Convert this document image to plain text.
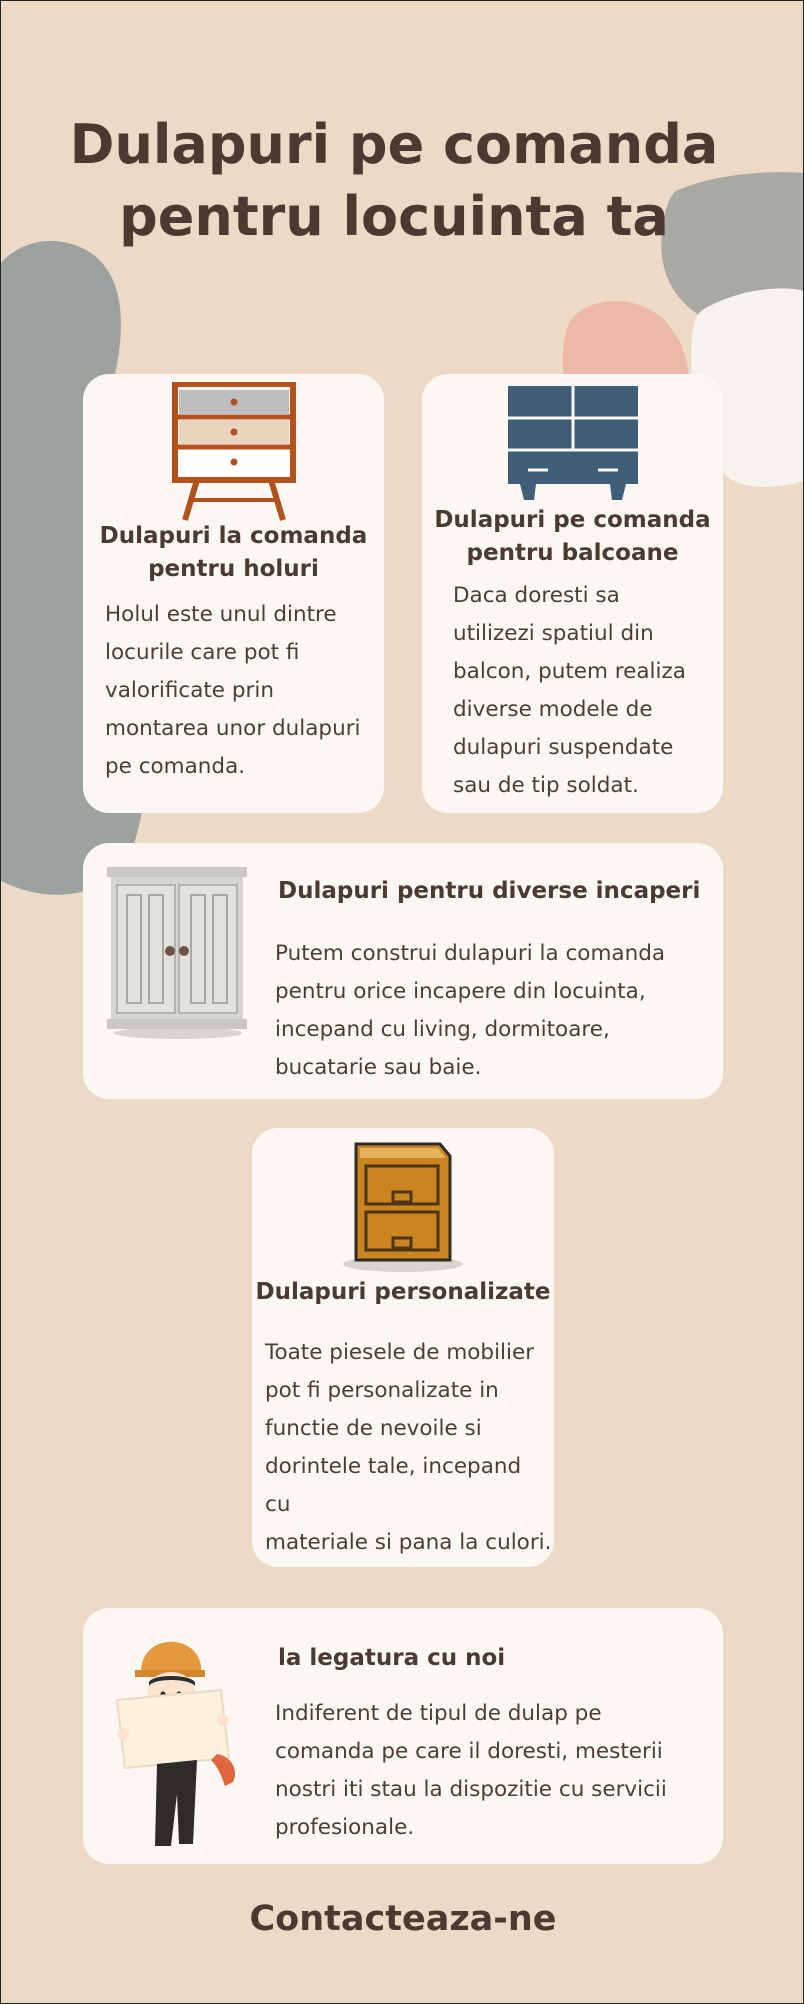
Dulapuri pe comanda
pentru locuinta ta
Dulapuri la comanda
pentru holuri

Holul este unul dintre
locurile care pot fi
valorificate prin
montarea unor dulapuri
pe comanda.

Dulapuri pe comanda
pentru balcoane

Daca doresti sa
utilizezi spatiul din
balcon, putem realiza
diverse modele de
dulapuri suspendate
sau de tip soldat.

Dulapuri pentru diverse incaperi

Putem construi dulapuri la comanda
pentru orice incapere din locuinta,
incepand cu living, dormitoare,
bucatarie sau baie.

Dulapuri personalizate

Toate piesele de mobilier
pot fi personalizate in
functie de nevoile si
dorintele tale, incepand cu
materiale si pana la culori.

la legatura cu noi

Indiferent de tipul de dulap pe
comanda pe care il doresti, mesterii
nostri iti stau la dispozitie cu servicii
profesionale.

Contacteaza-ne
